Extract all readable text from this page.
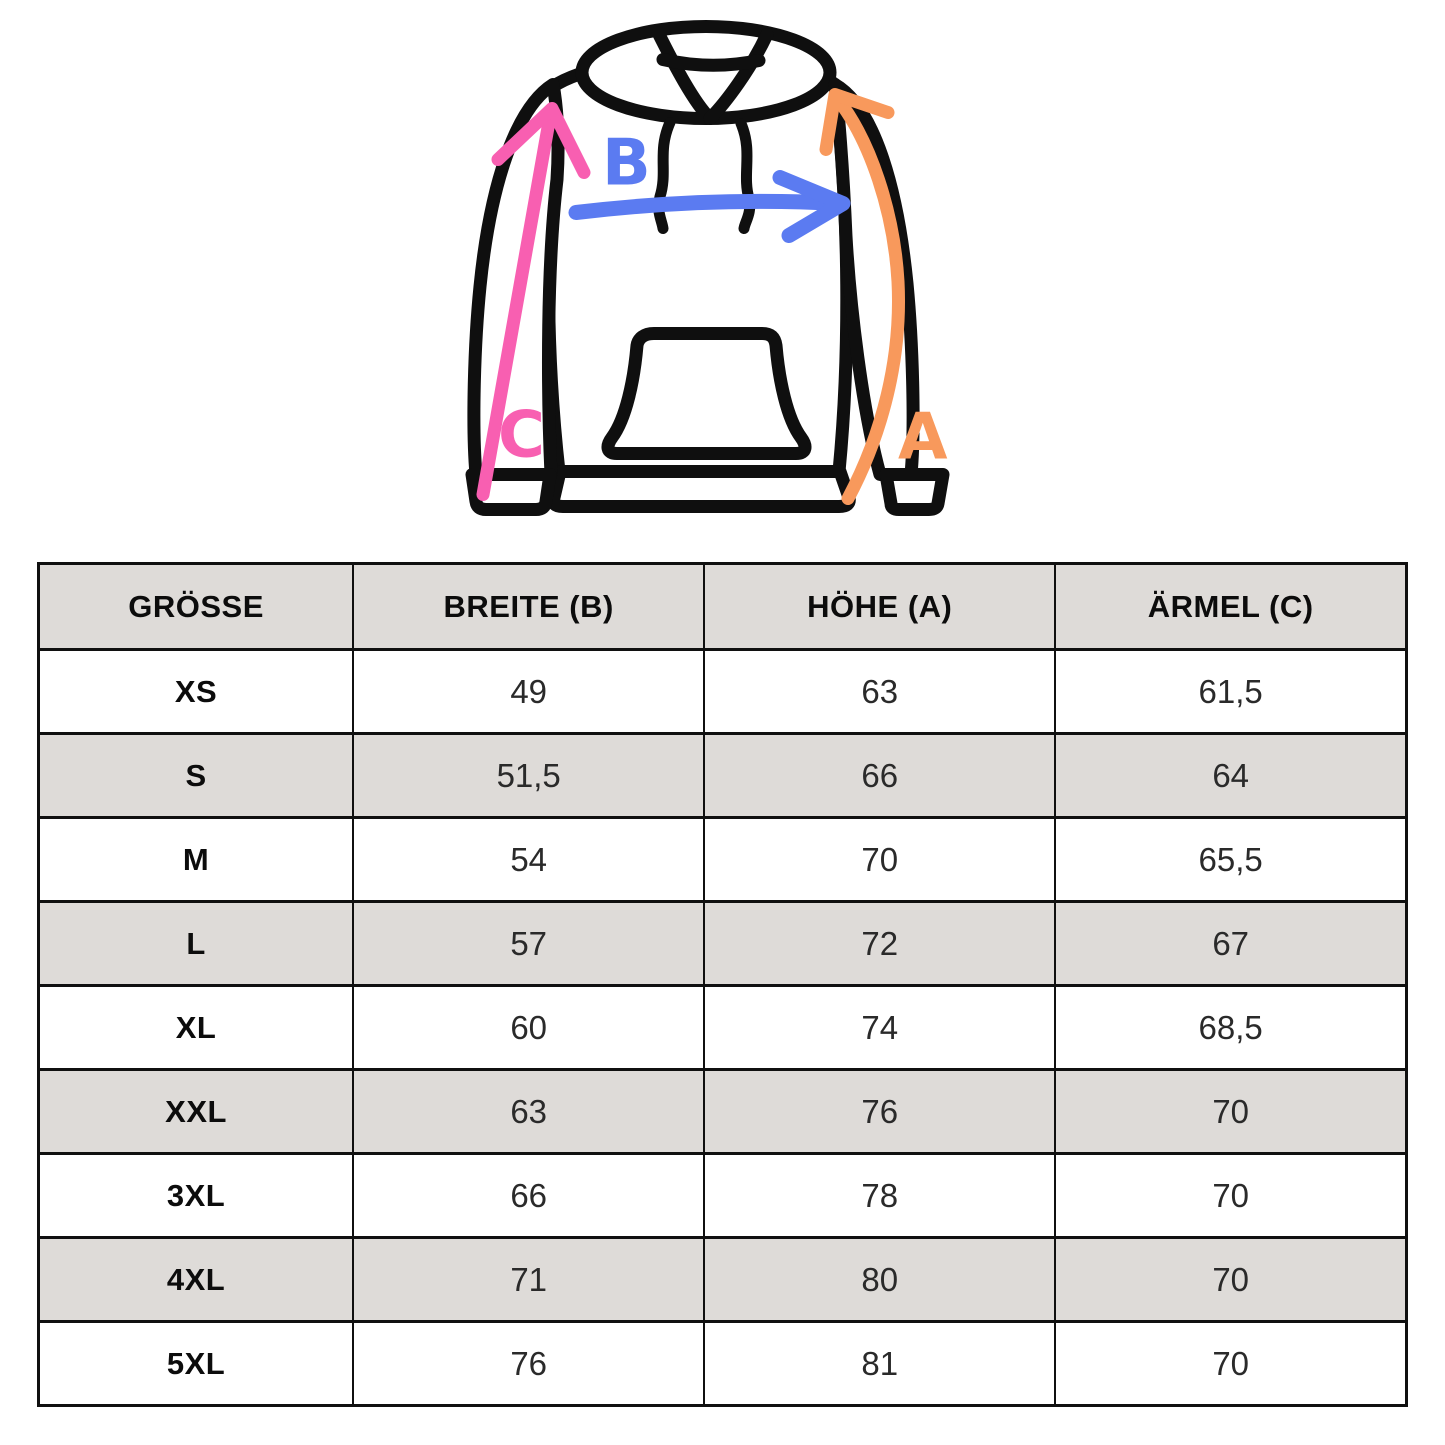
C
B
A
GRÖSSE	BREITE (B)	HÖHE (A)	ÄRMEL (C)
XS	49	63	61,5
S	51,5	66	64
M	54	70	65,5
L	57	72	67
XL	60	74	68,5
XXL	63	76	70
3XL	66	78	70
4XL	71	80	70
5XL	76	81	70
